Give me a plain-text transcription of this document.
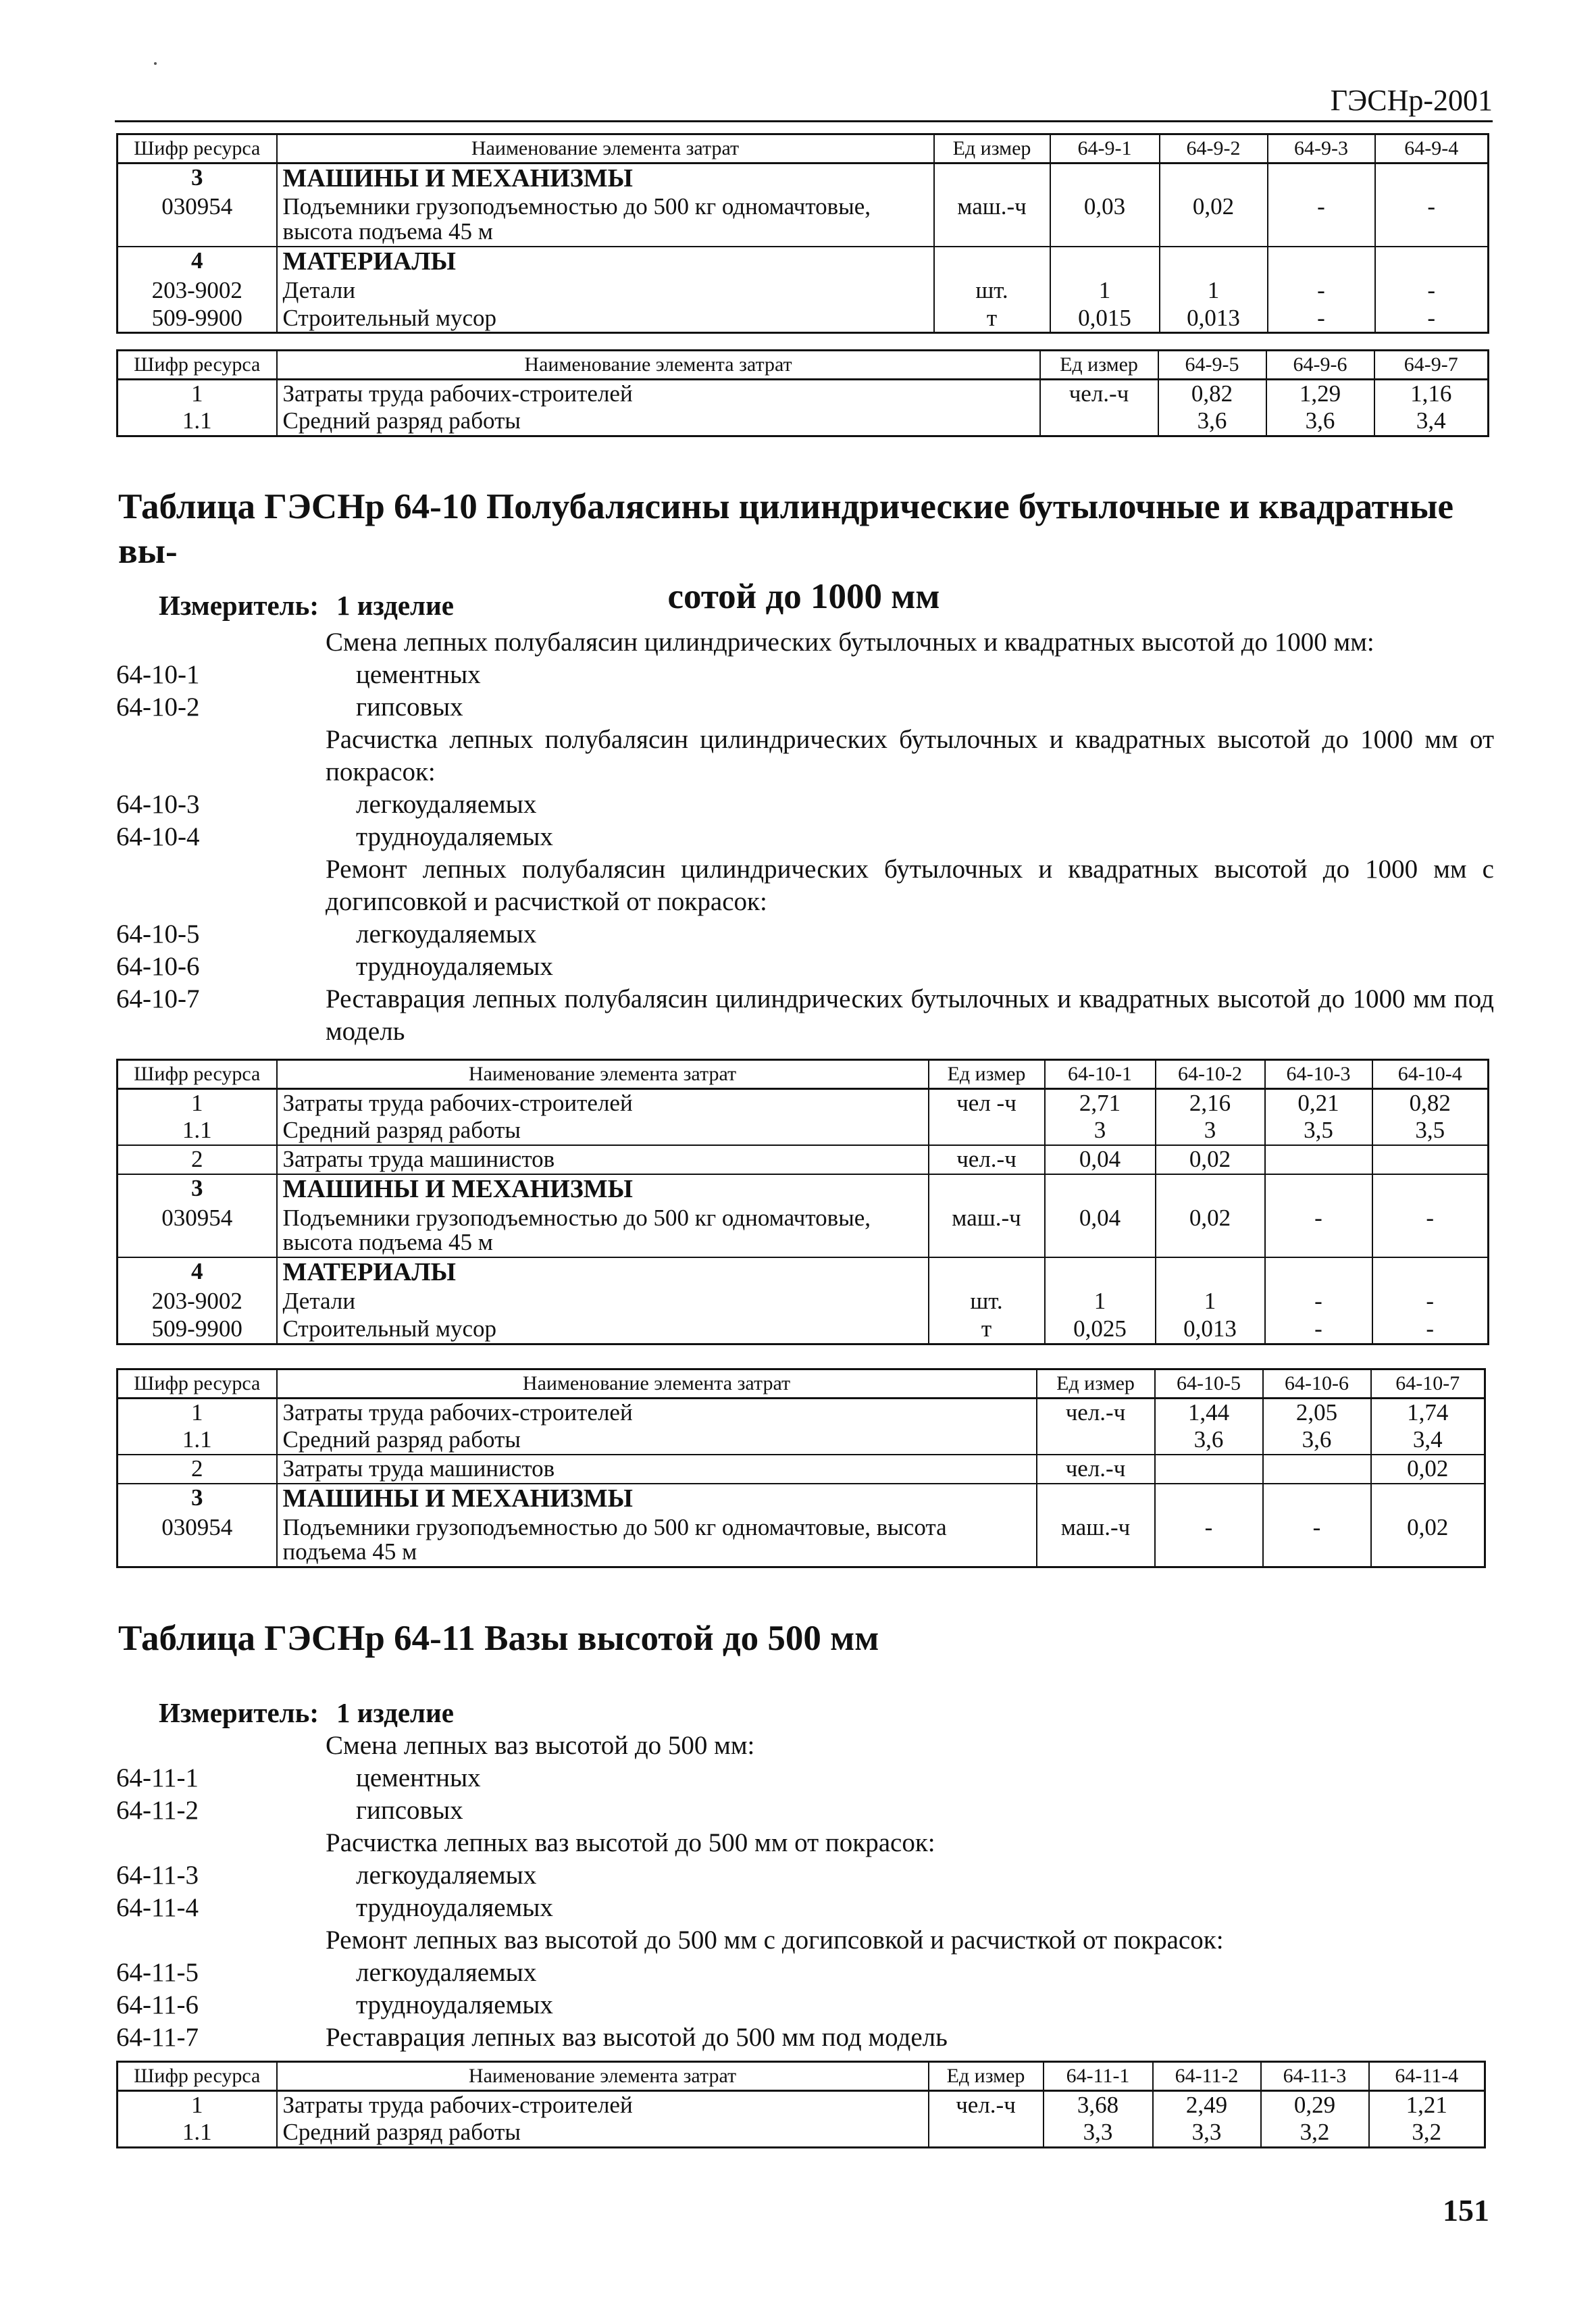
ГЭСНр-2001
Шифр ресурса	Наименование элемента затрат	Ед измер	64-9-1	64-9-2	64-9-3	64-9-4
3	МАШИНЫ И МЕХАНИЗМЫ					
030954	Подъемники грузоподъемностью до 500 кг одномачтовые, высота подъема 45 м	маш.-ч	0,03	0,02	-	-
4	МАТЕРИАЛЫ					
203-9002	Детали	шт.	1	1	-	-
509-9900	Строительный мусор	т	0,015	0,013	-	-
Шифр ресурса	Наименование элемента затрат	Ед измер	64-9-5	64-9-6	64-9-7
1	Затраты труда рабочих-строителей	чел.-ч	0,82	1,29	1,16
1.1	Средний разряд работы		3,6	3,6	3,4
Таблица ГЭСНр 64-10 Полубалясины цилиндрические бутылочные и квадратные вы-
сотой до 1000 мм
Измеритель: 1 изделие
Смена лепных полубалясин цилиндрических бутылочных и квадратных высотой до 1000 мм:
64-10-1	цементных
64-10-2	гипсовых
Расчистка лепных полубалясин цилиндрических бутылочных и квадратных высотой до 1000 мм от покрасок:
64-10-3	легкоудаляемых
64-10-4	трудноудаляемых
Ремонт лепных полубалясин цилиндрических бутылочных и квадратных высотой до 1000 мм с догипсовкой и расчисткой от покрасок:
64-10-5	легкоудаляемых
64-10-6	трудноудаляемых
64-10-7	Реставрация лепных полубалясин цилиндрических бутылочных и квадратных высотой до 1000 мм под модель
Шифр ресурса	Наименование элемента затрат	Ед измер	64-10-1	64-10-2	64-10-3	64-10-4
1	Затраты труда рабочих-строителей	чел -ч	2,71	2,16	0,21	0,82
1.1	Средний разряд работы		3	3	3,5	3,5
2	Затраты труда машинистов	чел.-ч	0,04	0,02		
3	МАШИНЫ И МЕХАНИЗМЫ					
030954	Подъемники грузоподъемностью до 500 кг одномачтовые, высота подъема 45 м	маш.-ч	0,04	0,02	-	-
4	МАТЕРИАЛЫ					
203-9002	Детали	шт.	1	1	-	-
509-9900	Строительный мусор	т	0,025	0,013	-	-
Шифр ресурса	Наименование элемента затрат	Ед измер	64-10-5	64-10-6	64-10-7
1	Затраты труда рабочих-строителей	чел.-ч	1,44	2,05	1,74
1.1	Средний разряд работы		3,6	3,6	3,4
2	Затраты труда машинистов	чел.-ч			0,02
3	МАШИНЫ И МЕХАНИЗМЫ				
030954	Подъемники грузоподъемностью до 500 кг одномачтовые, высота подъема 45 м	маш.-ч	-	-	0,02
Таблица ГЭСНр 64-11 Вазы высотой до 500 мм
Измеритель: 1 изделие
Смена лепных ваз высотой до 500 мм:
64-11-1	цементных
64-11-2	гипсовых
Расчистка лепных ваз высотой до 500 мм от покрасок:
64-11-3	легкоудаляемых
64-11-4	трудноудаляемых
Ремонт лепных ваз высотой до 500 мм с догипсовкой и расчисткой от покрасок:
64-11-5	легкоудаляемых
64-11-6	трудноудаляемых
64-11-7	Реставрация лепных ваз высотой до 500 мм под модель
Шифр ресурса	Наименование элемента затрат	Ед измер	64-11-1	64-11-2	64-11-3	64-11-4
1	Затраты труда рабочих-строителей	чел.-ч	3,68	2,49	0,29	1,21
1.1	Средний разряд работы		3,3	3,3	3,2	3,2
151
